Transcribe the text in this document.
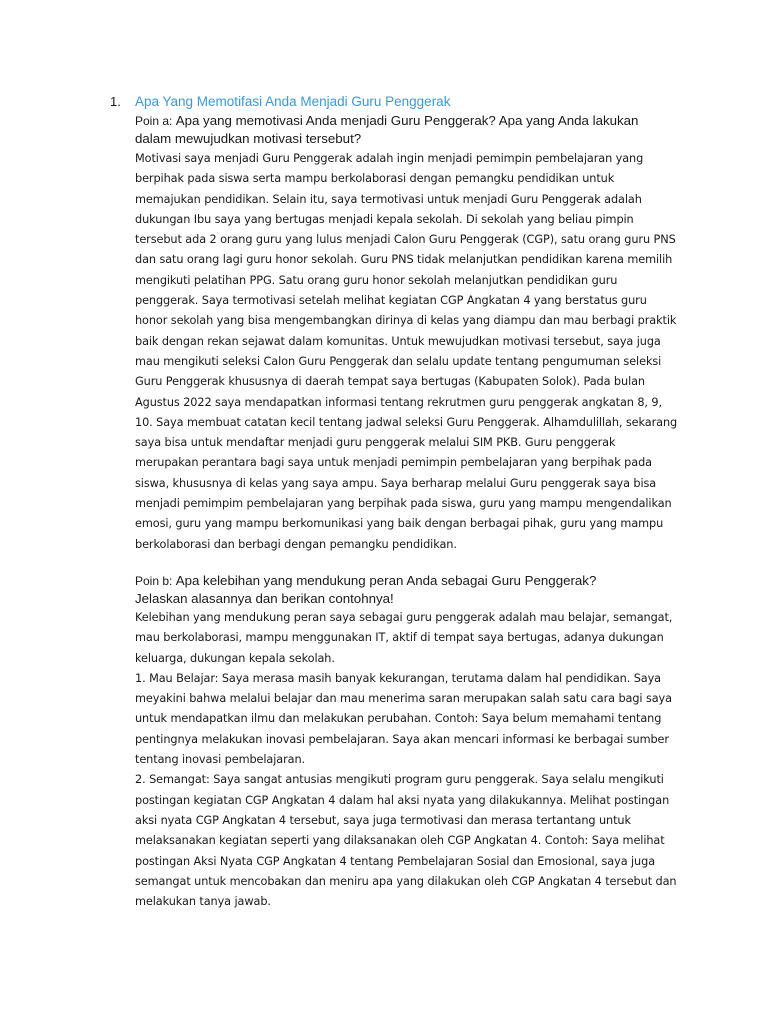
1. Apa Yang Memotifasi Anda Menjadi Guru Penggerak
Poin a: Apa yang memotivasi Anda menjadi Guru Penggerak? Apa yang Anda lakukan
dalam mewujudkan motivasi tersebut?
Motivasi saya menjadi Guru Penggerak adalah ingin menjadi pemimpin pembelajaran yang
berpihak pada siswa serta mampu berkolaborasi dengan pemangku pendidikan untuk
memajukan pendidikan. Selain itu, saya termotivasi untuk menjadi Guru Penggerak adalah
dukungan Ibu saya yang bertugas menjadi kepala sekolah. Di sekolah yang beliau pimpin
tersebut ada 2 orang guru yang lulus menjadi Calon Guru Penggerak (CGP), satu orang guru PNS
dan satu orang lagi guru honor sekolah. Guru PNS tidak melanjutkan pendidikan karena memilih
mengikuti pelatihan PPG. Satu orang guru honor sekolah melanjutkan pendidikan guru
penggerak. Saya termotivasi setelah melihat kegiatan CGP Angkatan 4 yang berstatus guru
honor sekolah yang bisa mengembangkan dirinya di kelas yang diampu dan mau berbagi praktik
baik dengan rekan sejawat dalam komunitas. Untuk mewujudkan motivasi tersebut, saya juga
mau mengikuti seleksi Calon Guru Penggerak dan selalu update tentang pengumuman seleksi
Guru Penggerak khususnya di daerah tempat saya bertugas (Kabupaten Solok). Pada bulan
Agustus 2022 saya mendapatkan informasi tentang rekrutmen guru penggerak angkatan 8, 9,
10. Saya membuat catatan kecil tentang jadwal seleksi Guru Penggerak. Alhamdulillah, sekarang
saya bisa untuk mendaftar menjadi guru penggerak melalui SIM PKB. Guru penggerak
merupakan perantara bagi saya untuk menjadi pemimpin pembelajaran yang berpihak pada
siswa, khususnya di kelas yang saya ampu. Saya berharap melalui Guru penggerak saya bisa
menjadi pemimpim pembelajaran yang berpihak pada siswa, guru yang mampu mengendalikan
emosi, guru yang mampu berkomunikasi yang baik dengan berbagai pihak, guru yang mampu
berkolaborasi dan berbagi dengan pemangku pendidikan.
Poin b: Apa kelebihan yang mendukung peran Anda sebagai Guru Penggerak?
Jelaskan alasannya dan berikan contohnya!
Kelebihan yang mendukung peran saya sebagai guru penggerak adalah mau belajar, semangat,
mau berkolaborasi, mampu menggunakan IT, aktif di tempat saya bertugas, adanya dukungan
keluarga, dukungan kepala sekolah.
1. Mau Belajar: Saya merasa masih banyak kekurangan, terutama dalam hal pendidikan. Saya
meyakini bahwa melalui belajar dan mau menerima saran merupakan salah satu cara bagi saya
untuk mendapatkan ilmu dan melakukan perubahan. Contoh: Saya belum memahami tentang
pentingnya melakukan inovasi pembelajaran. Saya akan mencari informasi ke berbagai sumber
tentang inovasi pembelajaran.
2. Semangat: Saya sangat antusias mengikuti program guru penggerak. Saya selalu mengikuti
postingan kegiatan CGP Angkatan 4 dalam hal aksi nyata yang dilakukannya. Melihat postingan
aksi nyata CGP Angkatan 4 tersebut, saya juga termotivasi dan merasa tertantang untuk
melaksanakan kegiatan seperti yang dilaksanakan oleh CGP Angkatan 4. Contoh: Saya melihat
postingan Aksi Nyata CGP Angkatan 4 tentang Pembelajaran Sosial dan Emosional, saya juga
semangat untuk mencobakan dan meniru apa yang dilakukan oleh CGP Angkatan 4 tersebut dan
melakukan tanya jawab.
